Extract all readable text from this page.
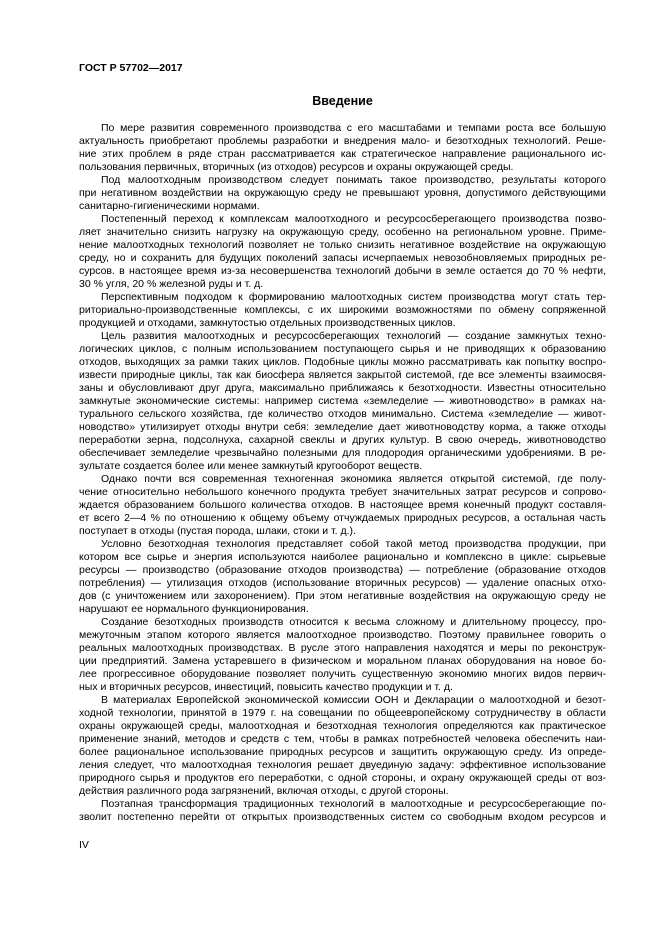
ГОСТ Р 57702—2017
Введение
По мере развития современного производства с его масштабами и темпами роста все большую
актуальность приобретают проблемы разработки и внедрения мало- и безотходных технологий. Реше-
ние этих проблем в ряде стран рассматривается как стратегическое направление рационального ис-
пользования первичных, вторичных (из отходов) ресурсов и охраны окружающей среды.
Под малоотходным производством следует понимать такое производство, результаты которого
при негативном воздействии на окружающую среду не превышают уровня, допустимого действующими
санитарно-гигиеническими нормами.
Постепенный переход к комплексам малоотходного и ресурсосберегающего производства позво-
ляет значительно снизить нагрузку на окружающую среду, особенно на региональном уровне. Приме-
нение малоотходных технологий позволяет не только снизить негативное воздействие на окружающую
среду, но и сохранить для будущих поколений запасы исчерпаемых невозобновляемых природных ре-
сурсов. в настоящее время из-за несовершенства технологий добычи в земле остается до 70 % нефти,
30 % угля, 20 % железной руды и т. д.
Перспективным подходом к формированию малоотходных систем производства могут стать тер-
риториально-производственные комплексы, с их широкими возможностями по обмену сопряженной
продукцией и отходами, замкнутостью отдельных производственных циклов.
Цель развития малоотходных и ресурсосберегающих технологий — создание замкнутых техно-
логических циклов, с полным использованием поступающего сырья и не приводящих к образованию
отходов, выходящих за рамки таких циклов. Подобные циклы можно рассматривать как попытку воспро-
извести природные циклы, так как биосфера является закрытой системой, где все элементы взаимосвя-
заны и обусловливают друг друга, максимально приближаясь к безотходности. Известны относительно
замкнутые экономические системы: например система «земледелие — животноводство» в рамках на-
турального сельского хозяйства, где количество отходов минимально. Система «земледелие — живот-
новодство» утилизирует отходы внутри себя: земледелие дает животноводству корма, а также отходы
переработки зерна, подсолнуха, сахарной свеклы и других культур. В свою очередь, животноводство
обеспечивает земледелие чрезвычайно полезными для плодородия органическими удобрениями. В ре-
зультате создается более или менее замкнутый кругооборот веществ.
Однако почти вся современная техногенная экономика является открытой системой, где полу-
чение относительно небольшого конечного продукта требует значительных затрат ресурсов и сопрово-
ждается образованием большого количества отходов. В настоящее время конечный продукт составля-
ет всего 2—4 % по отношению к общему объему отчуждаемых природных ресурсов, а остальная часть
поступает в отходы (пустая порода, шлаки, стоки и т. д.).
Условно безотходная технология представляет собой такой метод производства продукции, при
котором все сырье и энергия используются наиболее рационально и комплексно в цикле: сырьевые
ресурсы — производство (образование отходов производства) — потребление (образование отходов
потребления) — утилизация отходов (использование вторичных ресурсов) — удаление опасных отхо-
дов (с уничтожением или захоронением). При этом негативные воздействия на окружающую среду не
нарушают ее нормального функционирования.
Создание безотходных производств относится к весьма сложному и длительному процессу, про-
межуточным этапом которого является малоотходное производство. Поэтому правильнее говорить о
реальных малоотходных производствах. В русле этого направления находятся и меры по реконструк-
ции предприятий. Замена устаревшего в физическом и моральном планах оборудования на новое бо-
лее прогрессивное оборудование позволяет получить существенную экономию многих видов первич-
ных и вторичных ресурсов, инвестиций, повысить качество продукции и т. д.
В материалах Европейской экономической комиссии ООН и Декларации о малоотходной и безот-
ходной технологии, принятой в 1979 г. на совещании по общеевропейскому сотрудничеству в области
охраны окружающей среды, малоотходная и безотходная технология определяются как практическое
применение знаний, методов и средств с тем, чтобы в рамках потребностей человека обеспечить наи-
более рациональное использование природных ресурсов и защитить окружающую среду. Из опреде-
ления следует, что малоотходная технология решает двуединую задачу: эффективное использование
природного сырья и продуктов его переработки, с одной стороны, и охрану окружающей среды от воз-
действия различного рода загрязнений, включая отходы, с другой стороны.
Поэтапная трансформация традиционных технологий в малоотходные и ресурсосберегающие по-
зволит постепенно перейти от открытых производственных систем со свободным входом ресурсов и
IV
